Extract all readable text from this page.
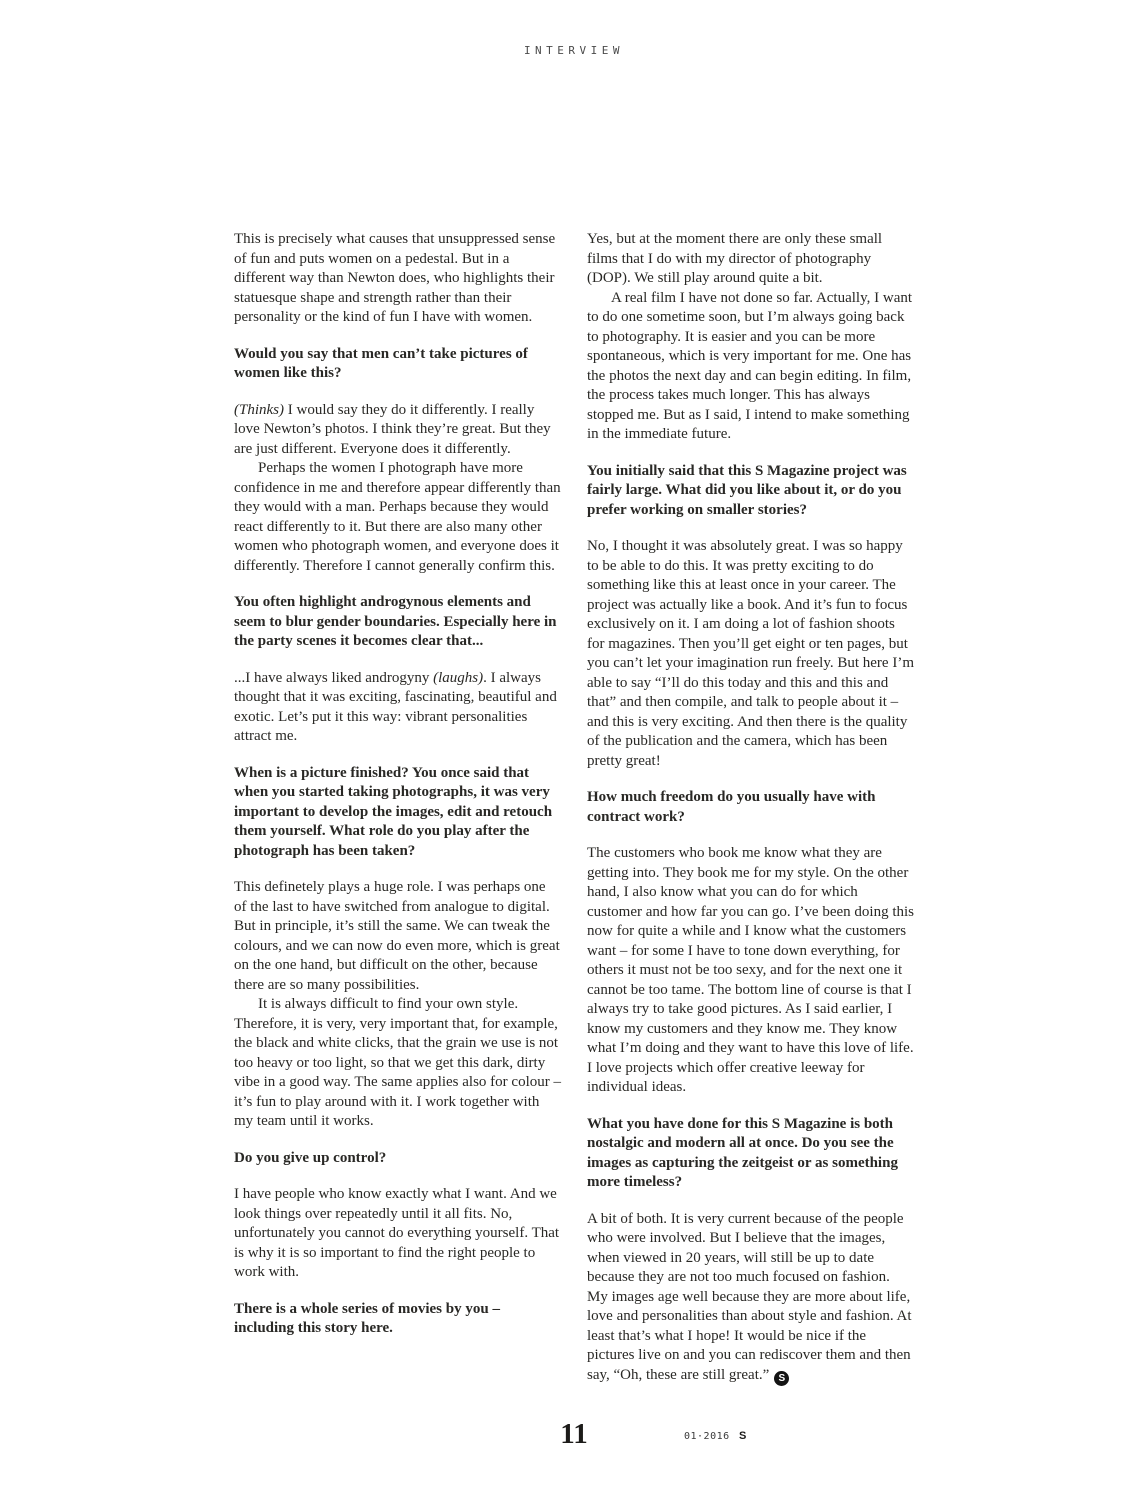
INTERVIEW

This is precisely what causes that unsuppressed sense of fun and puts women on a pedestal. But in a different way than Newton does, who highlights their statuesque shape and strength rather than their personality or the kind of fun I have with women.

Would you say that men can’t take pictures of women like this?

(Thinks) I would say they do it differently. I really love Newton’s photos. I think they’re great. But they are just different. Everyone does it differently.

Perhaps the women I photograph have more confidence in me and therefore appear differently than they would with a man. Perhaps because they would react differently to it. But there are also many other women who photograph women, and everyone does it differently. Therefore I cannot generally confirm this.

You often highlight androgynous elements and seem to blur gender boundaries. Especially here in the party scenes it becomes clear that...

...I have always liked androgyny (laughs). I always thought that it was exciting, fascinating, beautiful and exotic. Let’s put it this way: vibrant personalities attract me.

When is a picture finished? You once said that when you started taking photographs, it was very important to develop the images, edit and retouch them yourself. What role do you play after the photograph has been taken?

This definetely plays a huge role. I was perhaps one of the last to have switched from analogue to digital. But in principle, it’s still the same. We can tweak the colours, and we can now do even more, which is great on the one hand, but difficult on the other, because there are so many possibilities.

It is always difficult to find your own style. Therefore, it is very, very important that, for example, the black and white clicks, that the grain we use is not too heavy or too light, so that we get this dark, dirty vibe in a good way. The same applies also for colour – it’s fun to play around with it. I work together with my team until it works.

Do you give up control?

I have people who know exactly what I want. And we look things over repeatedly until it all fits. No, unfortunately you cannot do everything yourself. That is why it is so important to find the right people to work with.

There is a whole series of movies by you – including this story here.

Yes, but at the moment there are only these small films that I do with my director of photography (DOP). We still play around quite a bit.

A real film I have not done so far. Actually, I want to do one sometime soon, but I’m always going back to photography. It is easier and you can be more spontaneous, which is very important for me. One has the photos the next day and can begin editing. In film, the process takes much longer. This has always stopped me. But as I said, I intend to make something in the immediate future.

You initially said that this S Magazine project was fairly large. What did you like about it, or do you prefer working on smaller stories?

No, I thought it was absolutely great. I was so happy to be able to do this. It was pretty exciting to do something like this at least once in your career. The project was actually like a book. And it’s fun to focus exclusively on it. I am doing a lot of fashion shoots for magazines. Then you’ll get eight or ten pages, but you can’t let your imagination run freely. But here I’m able to say “I’ll do this today and this and this and that” and then compile, and talk to people about it – and this is very exciting. And then there is the quality of the publication and the camera, which has been pretty great!

How much freedom do you usually have with contract work?

The customers who book me know what they are getting into. They book me for my style. On the other hand, I also know what you can do for which customer and how far you can go. I’ve been doing this now for quite a while and I know what the customers want – for some I have to tone down everything, for others it must not be too sexy, and for the next one it cannot be too tame. The bottom line of course is that I always try to take good pictures. As I said earlier, I know my customers and they know me. They know what I’m doing and they want to have this love of life. I love projects which offer creative leeway for individual ideas.

What you have done for this S Magazine is both nostalgic and modern all at once. Do you see the images as capturing the zeitgeist or as something more timeless?

A bit of both. It is very current because of the people who were involved. But I believe that the images, when viewed in 20 years, will still be up to date because they are not too much focused on fashion. My images age well because they are more about life, love and personalities than about style and fashion. At least that’s what I hope! It would be nice if the pictures live on and you can rediscover them and then say, “Oh, these are still great.” S

11	01·2016 S
